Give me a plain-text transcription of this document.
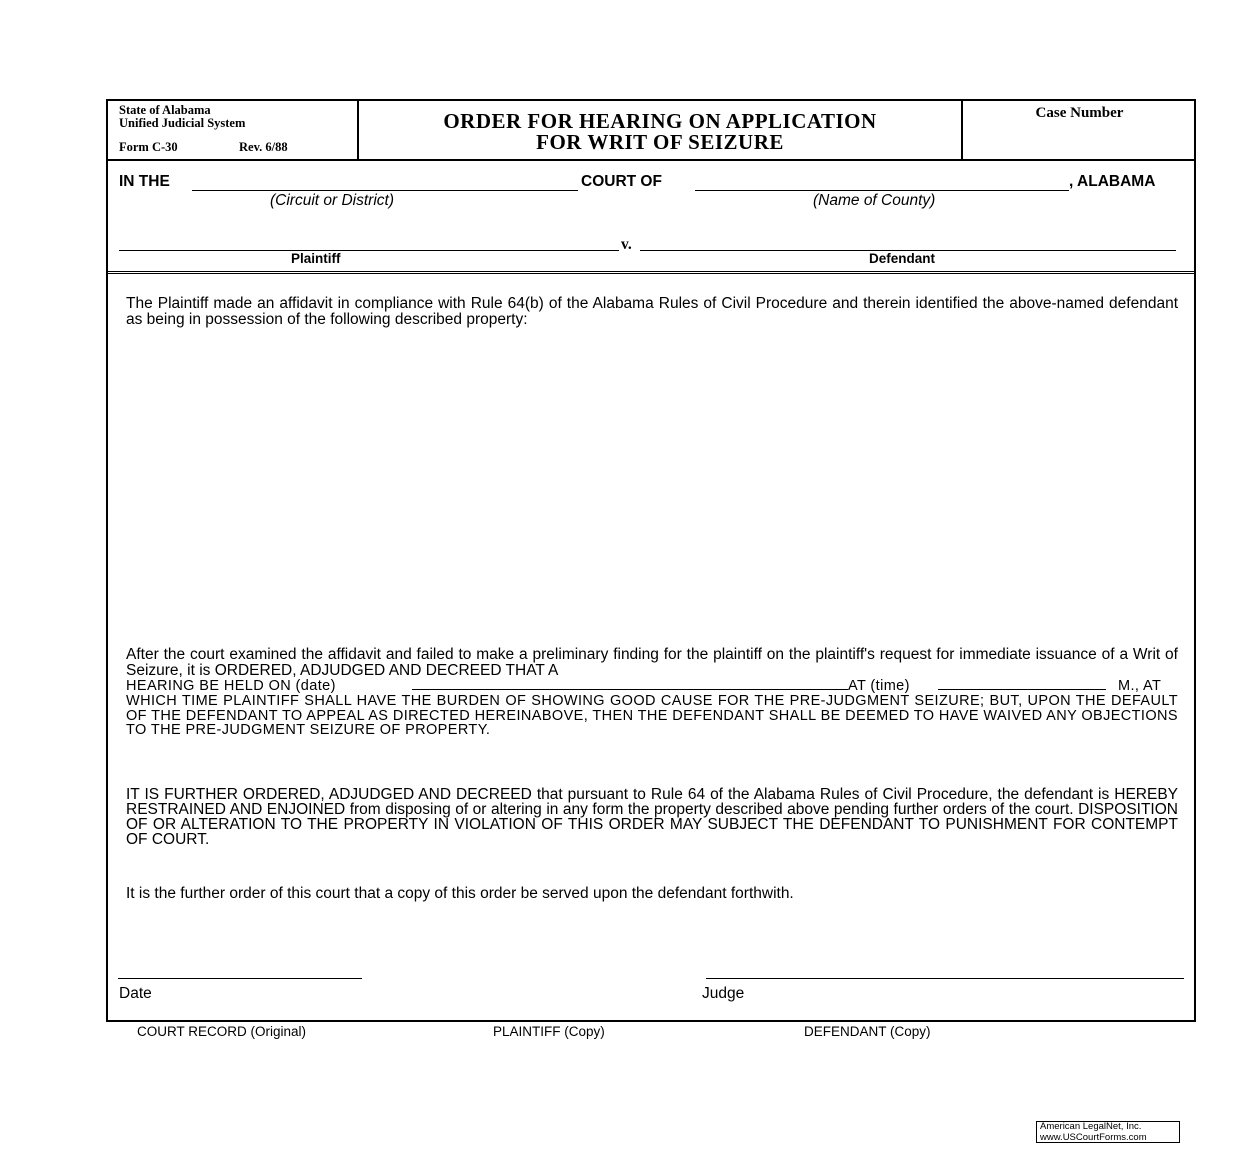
State of Alabama
Unified Judicial System
Form C-30	Rev. 6/88
ORDER FOR HEARING ON APPLICATION
FOR WRIT OF SEIZURE
Case Number
IN THE	COURT OF	, ALABAMA
(Circuit or District)	(Name of County)
v.
Plaintiff	Defendant
The Plaintiff made an affidavit in compliance with Rule 64(b) of the Alabama Rules of Civil Procedure and therein identified the above-named defendant as being in possession of the following described property:
After the court examined the affidavit and failed to make a preliminary finding for the plaintiff on the plaintiff's request for immediate issuance of a Writ of Seizure, it is ORDERED, ADJUDGED AND DECREED THAT A
HEARING BE HELD ON (date)	AT (time)	M., AT
WHICH TIME PLAINTIFF SHALL HAVE THE BURDEN OF SHOWING GOOD CAUSE FOR THE PRE-JUDGMENT SEIZURE; BUT, UPON THE DEFAULT OF THE DEFENDANT TO APPEAL AS DIRECTED HEREINABOVE, THEN THE DEFENDANT SHALL BE DEEMED TO HAVE WAIVED ANY OBJECTIONS TO THE PRE-JUDGMENT SEIZURE OF PROPERTY.
IT IS FURTHER ORDERED, ADJUDGED AND DECREED that pursuant to Rule 64 of the Alabama Rules of Civil Procedure, the defendant is HEREBY RESTRAINED AND ENJOINED from disposing of or altering in any form the property described above pending further orders of the court. DISPOSITION OF OR ALTERATION TO THE PROPERTY IN VIOLATION OF THIS ORDER MAY SUBJECT THE DEFENDANT TO PUNISHMENT FOR CONTEMPT OF COURT.
It is the further order of this court that a copy of this order be served upon the defendant forthwith.
Date	Judge
COURT RECORD (Original)	PLAINTIFF (Copy)	DEFENDANT (Copy)
American LegalNet, Inc.
www.USCourtForms.com
